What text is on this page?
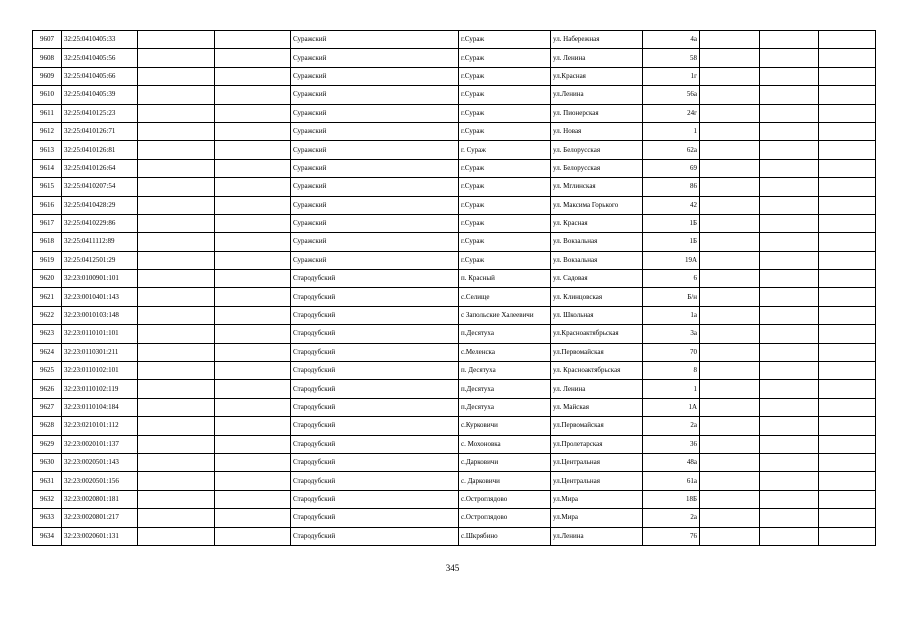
9607	32:25:0410405:33			Суражский	г.Сураж	ул. Набережная	4а			
9608	32:25:0410405:56			Суражский	г.Сураж	ул. Ленина	58			
9609	32:25:0410405:66			Суражский	г.Сураж	ул.Красная	1г			
9610	32:25:0410405:39			Суражский	г.Сураж	ул.Ленина	56а			
9611	32:25:0410125:23			Суражский	г.Сураж	ул. Пионерская	24г			
9612	32:25:0410126:71			Суражский	г.Сураж	ул. Новая	1			
9613	32:25:0410126:81			Суражский	г. Сураж	ул. Белорусская	62а			
9614	32:25:0410126:64			Суражский	г.Сураж	ул. Белорусская	69			
9615	32:25:0410207:54			Суражский	г.Сураж	ул. Мглинская	86			
9616	32:25:0410428:29			Суражский	г.Сураж	ул. Максима Горького	42			
9617	32:25:0410229:86			Суражский	г.Сураж	ул. Красная	1Б			
9618	32:25:0411112:89			Суражский	г.Сураж	ул. Вокзальная	1Б			
9619	32:25:0412501:29			Суражский	г.Сураж	ул. Вокзальная	19А			
9620	32:23:0100901:101			Стародубский	п. Красный	ул. Садовая	6			
9621	32:23:0010401:143			Стародубский	с.Селище	ул. Клинцовская	Б/н			
9622	32:23:0010103:148			Стародубский	с Запольские Халеевичи	ул. Школьная	1а			
9623	32:23:0110101:101			Стародубский	п.Десятуха	ул.Красноактябрьская	3а			
9624	32:23:0110301:211			Стародубский	с.Меленска	ул.Первомайская	70			
9625	32:23:0110102:101			Стародубский	п. Десятуха	ул. Красноактябрьская	8			
9626	32:23:0110102:119			Стародубский	п.Десятуха	ул. Ленина	1			
9627	32:23:0110104:184			Стародубский	п.Десятуха	ул. Майская	1А			
9628	32:23:0210101:112			Стародубский	с.Курковичи	ул.Первомайская	2а			
9629	32:23:0020101:137			Стародубский	с. Мохоновка	ул.Пролетарская	36			
9630	32:23:0020501:143			Стародубский	с.Дарковичи	ул.Центральная	48а			
9631	32:23:0020501:156			Стародубский	с. Дарковичи	ул.Центральная	61а			
9632	32:23:0020801:181			Стародубский	с.Остроглядово	ул.Мира	18Б			
9633	32:23:0020801:217			Стародубский	с.Остроглядово	ул.Мира	2а			
9634	32:23:0020601:131			Стародубский	с.Шкрябино	ул.Ленина	76			
345
